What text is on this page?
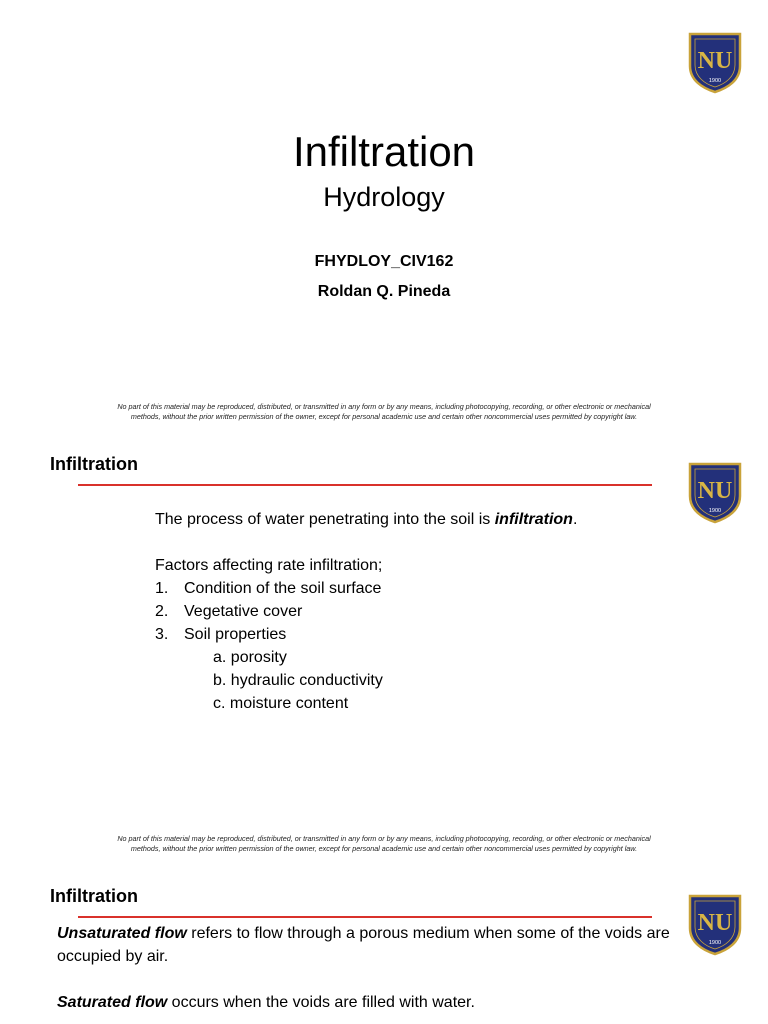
NU
1900
Infiltration
Hydrology
FHYDLOY_CIV162
Roldan Q. Pineda
No part of this material may be reproduced, distributed, or transmitted in any form or by any means, including photocopying, recording, or other electronic or mechanical
methods, without the prior written permission of the owner, except for personal academic use and certain other noncommercial uses permitted by copyright law.
Infiltration
NU
1900

The process of water penetrating into the soil is infiltration.

Factors affecting rate infiltration;

1. Condition of the soil surface
2. Vegetative cover
3. Soil properties
a. porosity
b. hydraulic conductivity
c. moisture content
No part of this material may be reproduced, distributed, or transmitted in any form or by any means, including photocopying, recording, or other electronic or mechanical
methods, without the prior written permission of the owner, except for personal academic use and certain other noncommercial uses permitted by copyright law.
Infiltration

Unsaturated flow refers to flow through a porous medium when some of the voids are occupied by air.

Saturated flow occurs when the voids are filled with water.

NU
1900
